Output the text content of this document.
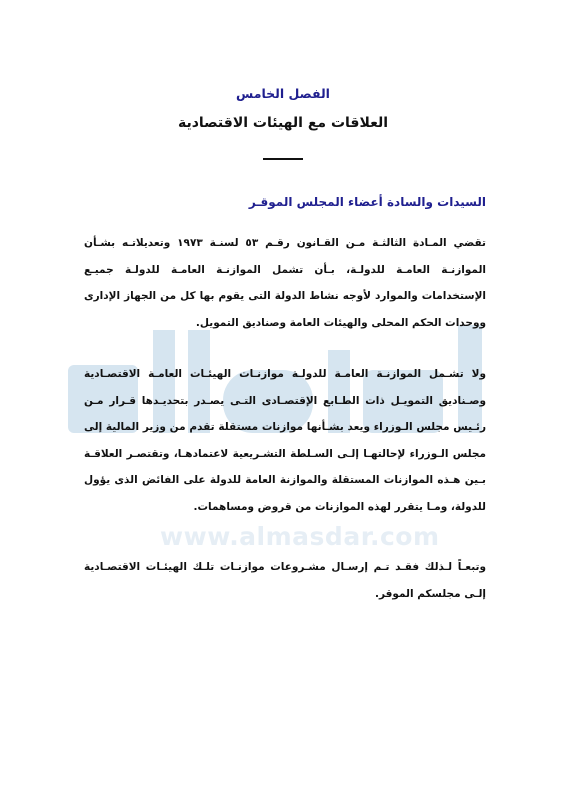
www.almasdar.com
الفصل الخامس
العلاقات مع الهيئات الاقتصادية
السيدات والسادة أعضاء المجلس الموقـر
تقضي المـادة الثالثـة مـن القـانون رقـم ٥٣ لسنـة ١٩٧٣ وتعديلاتـه بشـأن الموازنـة العامـة للدولـة، بـأن تشمل الموازنـة العامـة للدولـة جميـع الإستخدامات والموارد لأوجه نشاط الدولة التى يقوم بها كل من الجهاز الإدارى ووحدات الحكم المحلى والهيئات العامة وصناديق التمويل.
ولا تشـمل الموازنـة العامـة للدولـة موازنـات الهيئـات العامـة الاقتصـادية وصـناديق التمويـل ذات الطـابع الإقتصـادى التـى يصـدر بتحديـدها قـرار مـن رئـيس مجلس الـوزراء ويعد بشـأنها موازنات مستقلة تقدم من وزير المالية إلى مجلس الـوزراء لإحالتهـا إلـى السـلطة التشـريعية لاعتمادهـا، وتقتصـر العلاقـة بـين هـذه الموازنات المستقلة والموازنة العامة للدولة على الفائض الذى يؤول للدولة، ومـا يتقرر لهذه الموازنات من قروض ومساهمات.
وتبعـاً لـذلك فقـد تـم إرسـال مشـروعات موازنـات تلـك الهيئـات الاقتصـادية إلـى مجلسكم الموقر.
